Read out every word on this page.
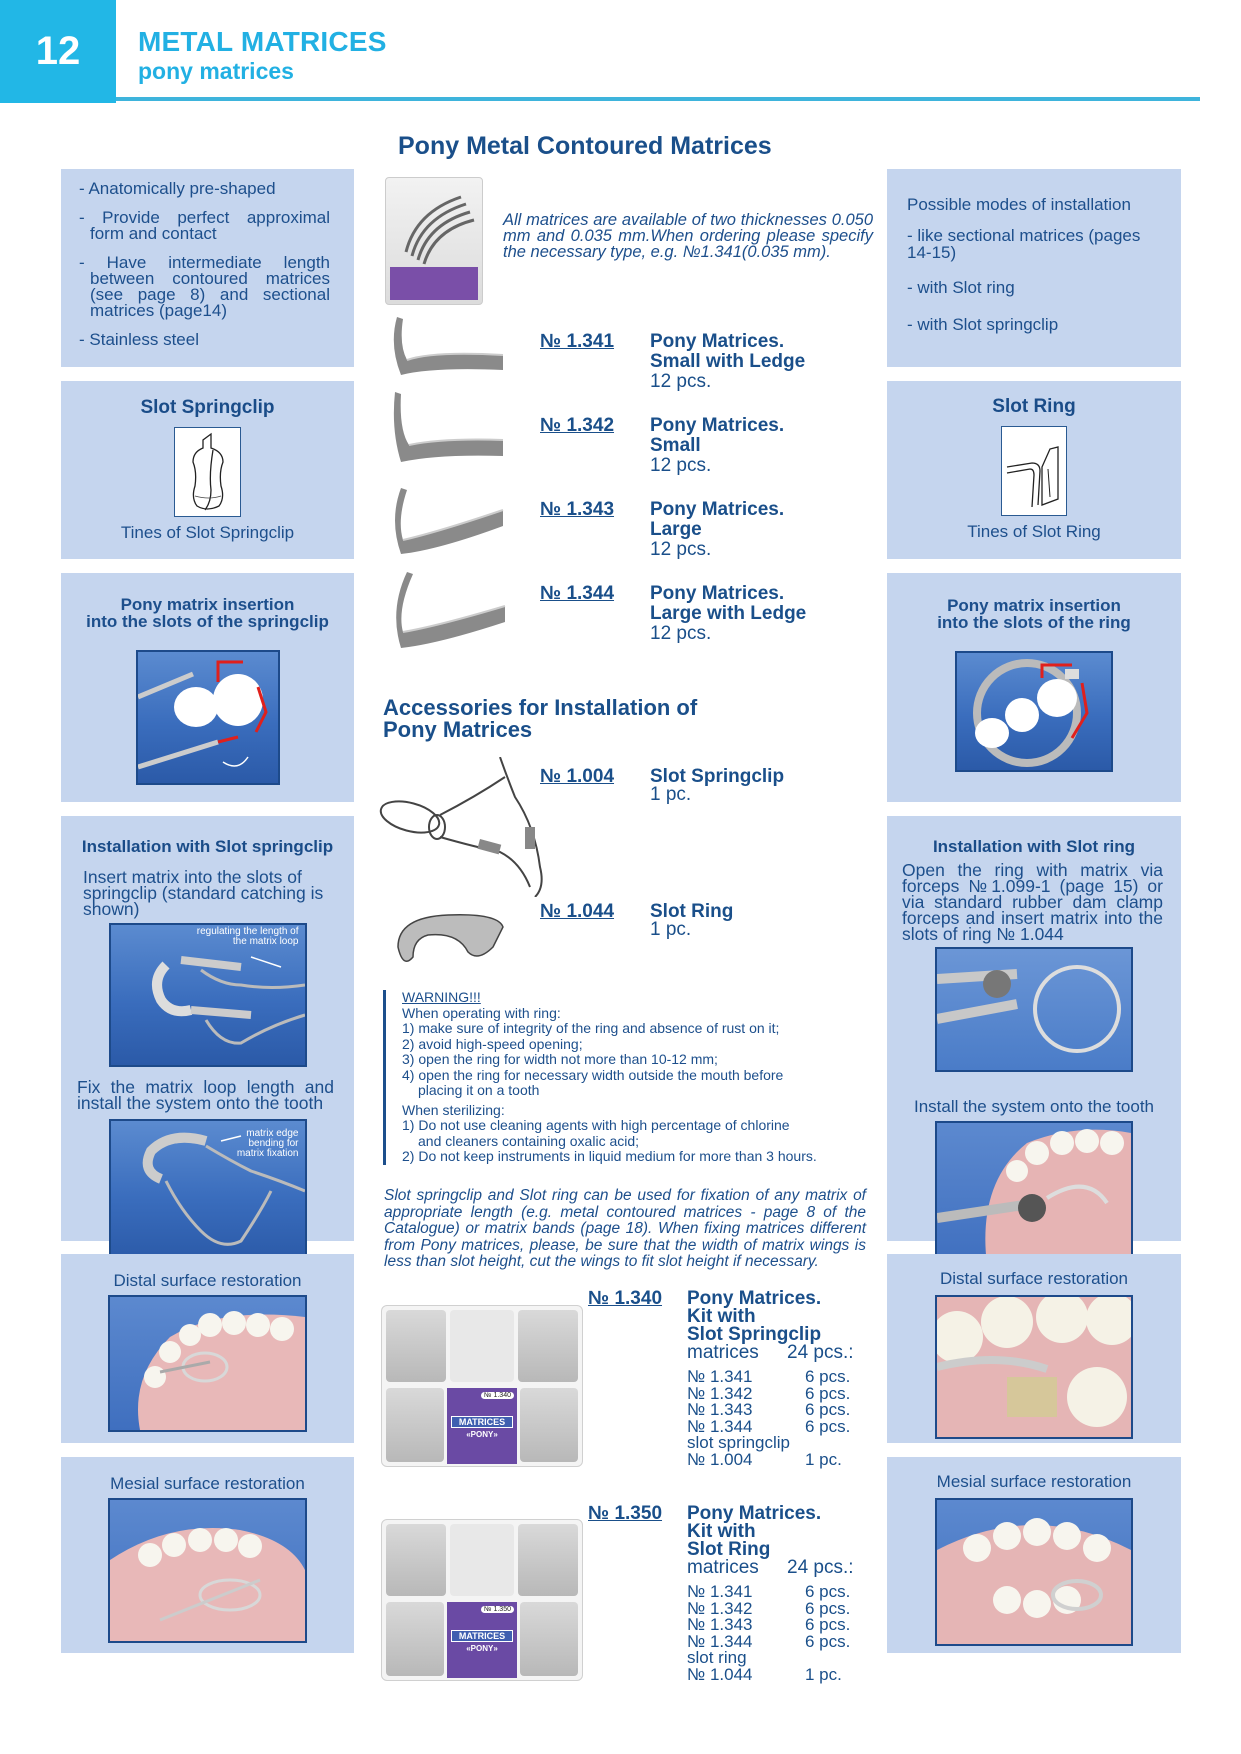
12	METAL MATRICES
pony matrices
- Anatomically pre-shaped
- Provide perfect approximal form and contact
- Have intermediate length between contoured matrices (see page 8) and sectional matrices (page14)
- Stainless steel
Slot Springclip
Tines of Slot Springclip
Pony matrix insertion
into the slots of the springclip
Installation with Slot springclip
Insert matrix into the slots of springclip (standard catching is shown)
regulating the length of the matrix loop
Fix the matrix loop length and install the system onto the tooth
matrix edge bending for matrix fixation
Distal surface restoration
Mesial surface restoration
Possible modes of installation
- like sectional matrices (pages 14-15)
- with Slot ring
- with Slot springclip
Slot Ring
Tines of Slot Ring
Pony matrix insertion
into the slots of the ring
Installation with Slot ring
Open the ring with matrix via forceps №1.099-1 (page 15) or via standard rubber dam clamp forceps and insert matrix into the slots of ring № 1.044
Install the system onto the tooth
Distal surface restoration
Mesial surface restoration
Pony Metal Contoured Matrices
All matrices are available of two thicknesses 0.050 mm and 0.035 mm.When ordering please specify the necessary type, e.g. №1.341(0.035 mm).
№ 1.341 Pony Matrices.
Small with Ledge
12 pcs.
№ 1.342 Pony Matrices.
Small
12 pcs.
№ 1.343 Pony Matrices.
Large
12 pcs.
№ 1.344 Pony Matrices.
Large with Ledge
12 pcs.
Accessories for Installation of
Pony Matrices
№ 1.004 Slot Springclip
1 pc.
№ 1.044 Slot Ring
1 pc.
WARNING!!!
When operating with ring:
1) make sure of integrity of the ring and absence of rust on it;
2) avoid high-speed opening;
3) open the ring for width not more than 10-12 mm;
4) open the ring for necessary width outside the mouth before
placing it on a tooth
When sterilizing:
1) Do not use cleaning agents with high percentage of chlorine
and cleaners containing oxalic acid;
2) Do not keep instruments in liquid medium for more than 3 hours.
Slot springclip and Slot ring can be used for fixation of any matrix of appropriate length (e.g. metal contoured matrices - page 8 of the Catalogue) or matrix bands (page 18). When fixing matrices different from Pony matrices, please, be sure that the width of matrix wings is less than slot height, cut the wings to fit slot height if necessary.
№ 1.340
MATRICES
«PONY»
№ 1.350
MATRICES
«PONY»
№ 1.340 Pony Matrices.
Kit with
Slot Springclip
matrices 24 pcs.:
№ 1.341	6 pcs.
№ 1.342	6 pcs.
№ 1.343	6 pcs.
№ 1.344	6 pcs.
slot springclip
№ 1.004	1 pc.
№ 1.350 Pony Matrices.
Kit with
Slot Ring
matrices 24 pcs.:
№ 1.341	6 pcs.
№ 1.342	6 pcs.
№ 1.343	6 pcs.
№ 1.344	6 pcs.
slot ring
№ 1.044	1 pc.
